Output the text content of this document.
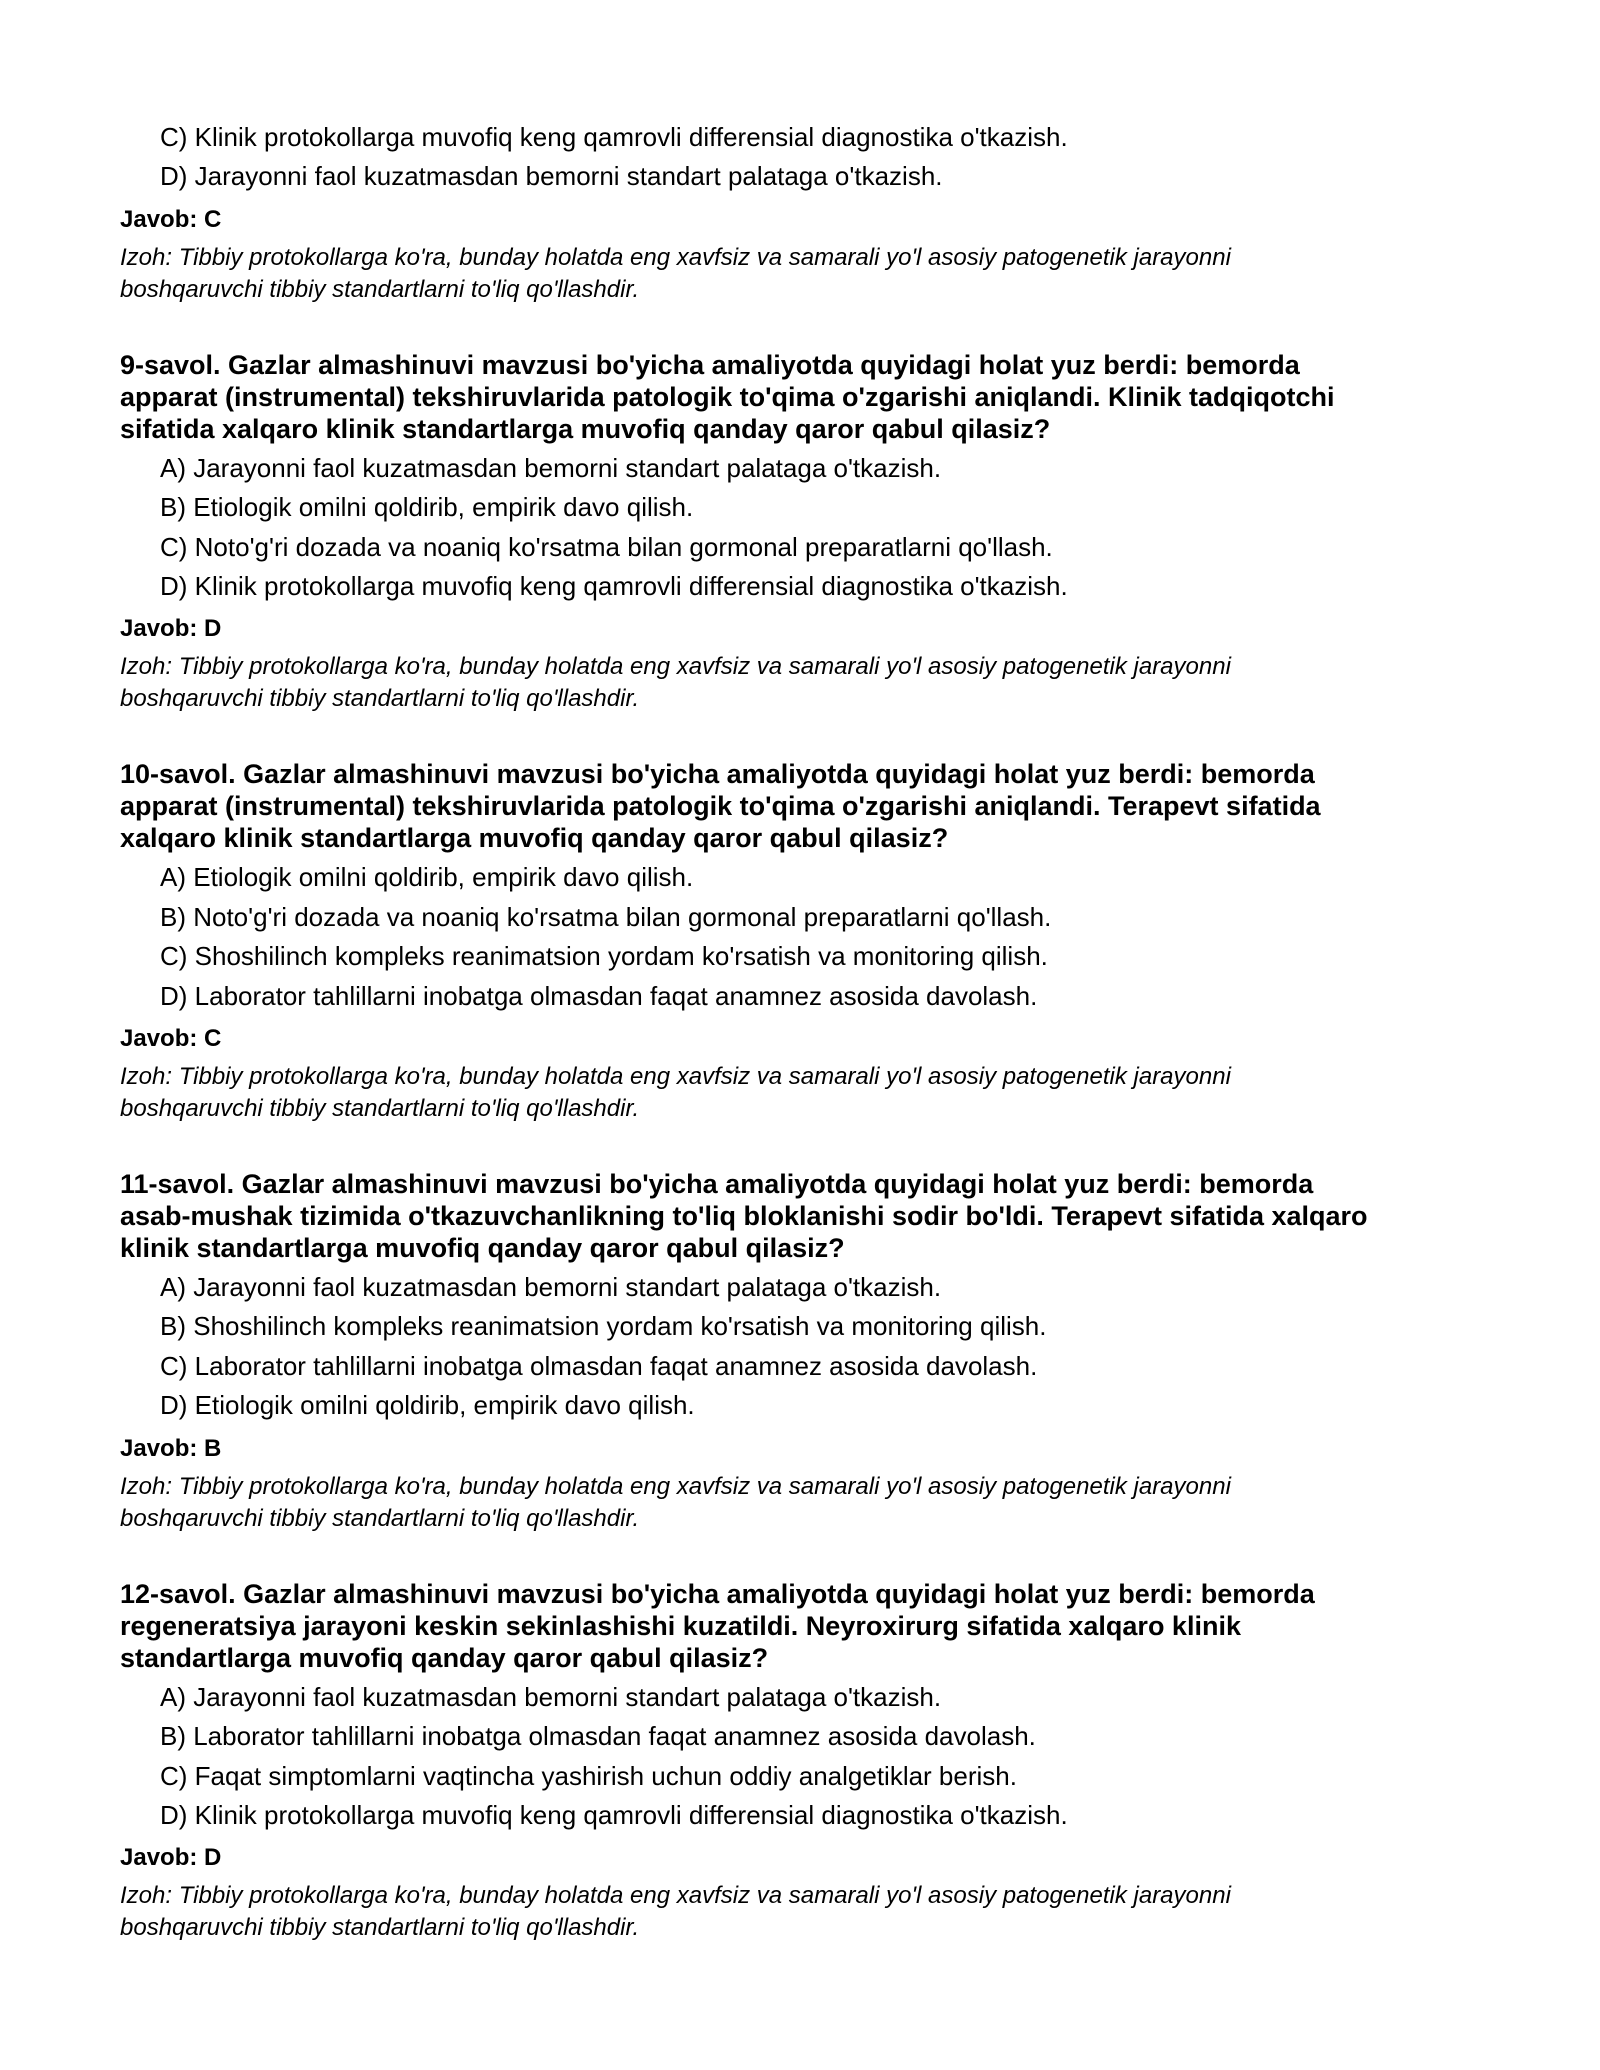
C) Klinik protokollarga muvofiq keng qamrovli differensial diagnostika o'tkazish.
D) Jarayonni faol kuzatmasdan bemorni standart palataga o'tkazish.
Javob: C
Izoh: Tibbiy protokollarga ko'ra, bunday holatda eng xavfsiz va samarali yo'l asosiy patogenetik jarayonni
boshqaruvchi tibbiy standartlarni to'liq qo'llashdir.
9-savol. Gazlar almashinuvi mavzusi bo'yicha amaliyotda quyidagi holat yuz berdi: bemorda
apparat (instrumental) tekshiruvlarida patologik to'qima o'zgarishi aniqlandi. Klinik tadqiqotchi
sifatida xalqaro klinik standartlarga muvofiq qanday qaror qabul qilasiz?
A) Jarayonni faol kuzatmasdan bemorni standart palataga o'tkazish.
B) Etiologik omilni qoldirib, empirik davo qilish.
C) Noto'g'ri dozada va noaniq ko'rsatma bilan gormonal preparatlarni qo'llash.
D) Klinik protokollarga muvofiq keng qamrovli differensial diagnostika o'tkazish.
Javob: D
Izoh: Tibbiy protokollarga ko'ra, bunday holatda eng xavfsiz va samarali yo'l asosiy patogenetik jarayonni
boshqaruvchi tibbiy standartlarni to'liq qo'llashdir.
10-savol. Gazlar almashinuvi mavzusi bo'yicha amaliyotda quyidagi holat yuz berdi: bemorda
apparat (instrumental) tekshiruvlarida patologik to'qima o'zgarishi aniqlandi. Terapevt sifatida
xalqaro klinik standartlarga muvofiq qanday qaror qabul qilasiz?
A) Etiologik omilni qoldirib, empirik davo qilish.
B) Noto'g'ri dozada va noaniq ko'rsatma bilan gormonal preparatlarni qo'llash.
C) Shoshilinch kompleks reanimatsion yordam ko'rsatish va monitoring qilish.
D) Laborator tahlillarni inobatga olmasdan faqat anamnez asosida davolash.
Javob: C
Izoh: Tibbiy protokollarga ko'ra, bunday holatda eng xavfsiz va samarali yo'l asosiy patogenetik jarayonni
boshqaruvchi tibbiy standartlarni to'liq qo'llashdir.
11-savol. Gazlar almashinuvi mavzusi bo'yicha amaliyotda quyidagi holat yuz berdi: bemorda
asab-mushak tizimida o'tkazuvchanlikning to'liq bloklanishi sodir bo'ldi. Terapevt sifatida xalqaro
klinik standartlarga muvofiq qanday qaror qabul qilasiz?
A) Jarayonni faol kuzatmasdan bemorni standart palataga o'tkazish.
B) Shoshilinch kompleks reanimatsion yordam ko'rsatish va monitoring qilish.
C) Laborator tahlillarni inobatga olmasdan faqat anamnez asosida davolash.
D) Etiologik omilni qoldirib, empirik davo qilish.
Javob: B
Izoh: Tibbiy protokollarga ko'ra, bunday holatda eng xavfsiz va samarali yo'l asosiy patogenetik jarayonni
boshqaruvchi tibbiy standartlarni to'liq qo'llashdir.
12-savol. Gazlar almashinuvi mavzusi bo'yicha amaliyotda quyidagi holat yuz berdi: bemorda
regeneratsiya jarayoni keskin sekinlashishi kuzatildi. Neyroxirurg sifatida xalqaro klinik
standartlarga muvofiq qanday qaror qabul qilasiz?
A) Jarayonni faol kuzatmasdan bemorni standart palataga o'tkazish.
B) Laborator tahlillarni inobatga olmasdan faqat anamnez asosida davolash.
C) Faqat simptomlarni vaqtincha yashirish uchun oddiy analgetiklar berish.
D) Klinik protokollarga muvofiq keng qamrovli differensial diagnostika o'tkazish.
Javob: D
Izoh: Tibbiy protokollarga ko'ra, bunday holatda eng xavfsiz va samarali yo'l asosiy patogenetik jarayonni
boshqaruvchi tibbiy standartlarni to'liq qo'llashdir.
